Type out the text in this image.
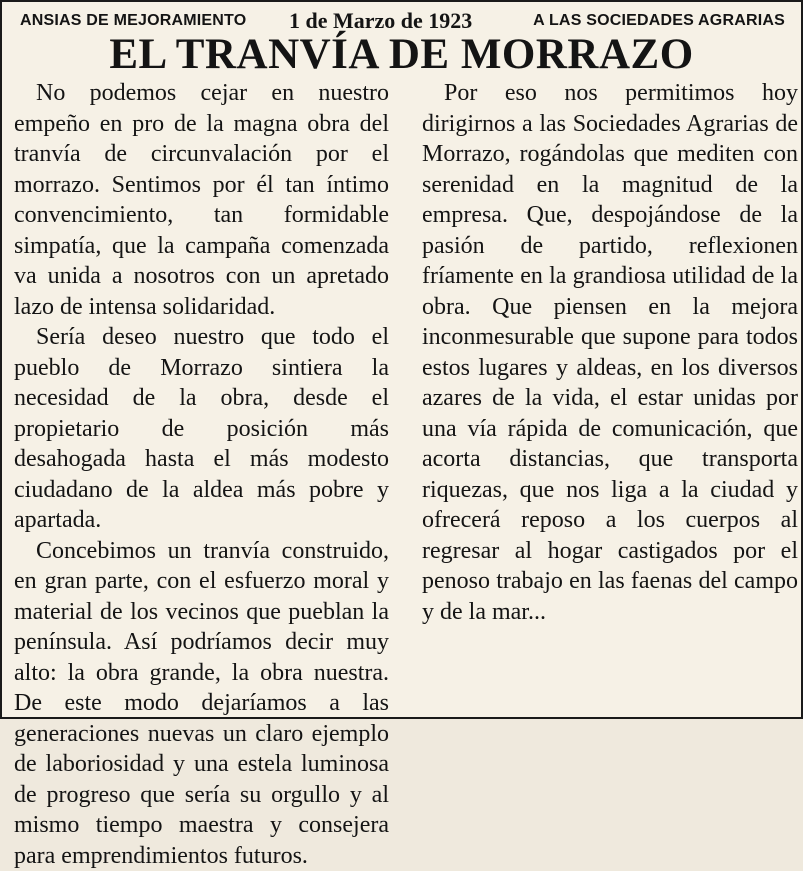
ANSIAS DE MEJORAMIENTO 1 de Marzo de 1923	A LAS SOCIEDADES AGRARIAS
EL TRANVÍA DE MORRAZO

No podemos cejar en nuestro empeño en pro de la magna obra del tranvía de circunvalación por el morrazo. Sentimos por él tan íntimo convencimiento, tan formidable simpatía, que la campaña comenzada va unida a nosotros con un apretado lazo de intensa solidaridad.

Sería deseo nuestro que todo el pueblo de Morrazo sintiera la necesidad de la obra, desde el propietario de posición más desahogada hasta el más modesto ciudadano de la aldea más pobre y apartada.

Concebimos un tranvía construido, en gran parte, con el esfuerzo moral y material de los vecinos que pueblan la península. Así podríamos decir muy alto: la obra grande, la obra nuestra. De este modo dejaríamos a las generaciones nuevas un claro ejemplo de laboriosidad y una estela luminosa de progreso que sería su orgullo y al mismo tiempo maestra y consejera para emprendimientos futuros.

Por eso nos permitimos hoy dirigirnos a las Sociedades Agrarias de Morrazo, rogándolas que mediten con serenidad en la magnitud de la empresa. Que, despojándose de la pasión de partido, reflexionen fríamente en la grandiosa utilidad de la obra. Que piensen en la mejora inconmesurable que supone para todos estos lugares y aldeas, en los diversos azares de la vida, el estar unidas por una vía rápida de comunicación, que acorta distancias, que transporta riquezas, que nos liga a la ciudad y ofrecerá reposo a los cuerpos al regresar al hogar castigados por el penoso trabajo en las faenas del campo y de la mar...
